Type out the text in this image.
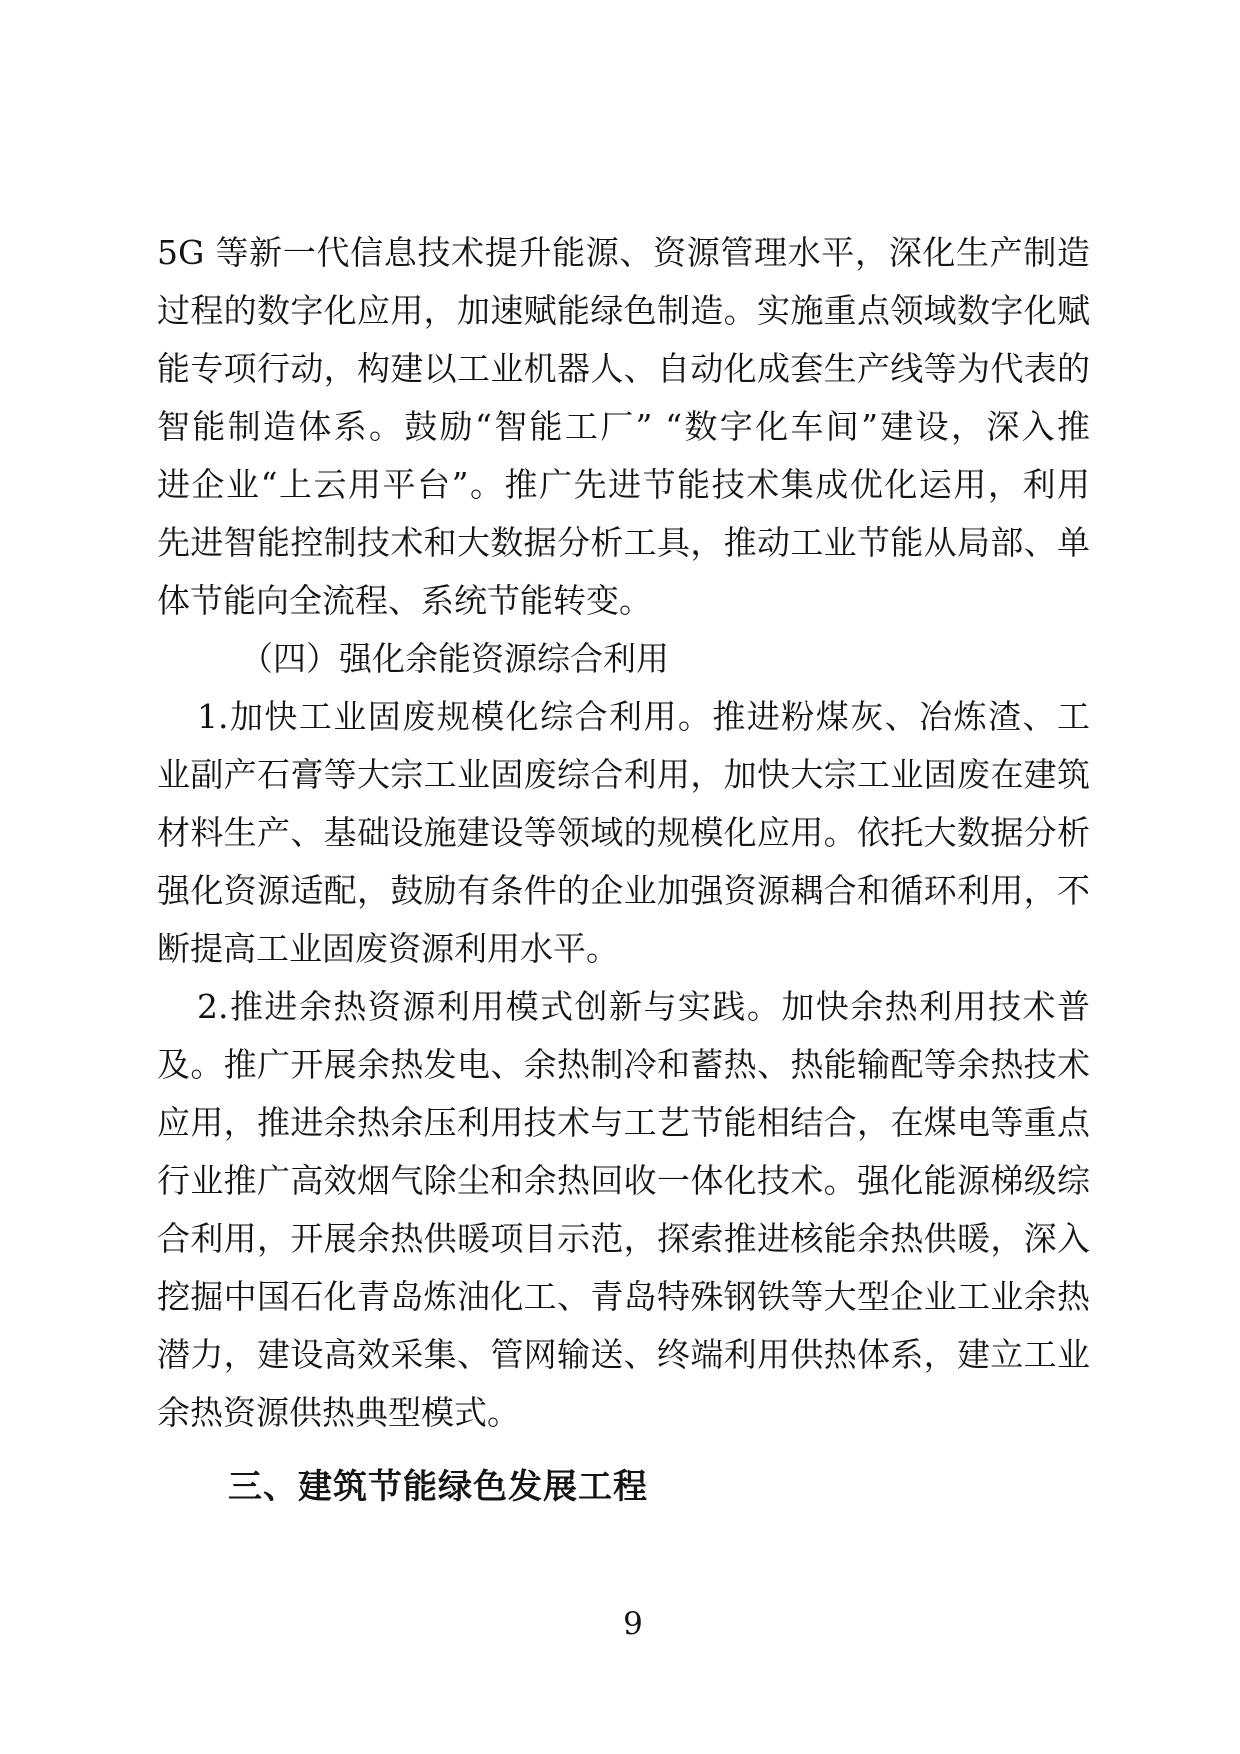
5G 等新一代信息技术提升能源、资源管理水平，深化生产制造
过程的数字化应用，加速赋能绿色制造。实施重点领域数字化赋
能专项行动，构建以工业机器人、自动化成套生产线等为代表的
智能制造体系。鼓励“智能工厂” “数字化车间”建设，深入推
进企业“上云用平台”。推广先进节能技术集成优化运用，利用
先进智能控制技术和大数据分析工具，推动工业节能从局部、单
体节能向全流程、系统节能转变。
（四）强化余能资源综合利用
1.加快工业固废规模化综合利用。推进粉煤灰、冶炼渣、工
业副产石膏等大宗工业固废综合利用，加快大宗工业固废在建筑
材料生产、基础设施建设等领域的规模化应用。依托大数据分析
强化资源适配，鼓励有条件的企业加强资源耦合和循环利用，不
断提高工业固废资源利用水平。
2.推进余热资源利用模式创新与实践。加快余热利用技术普
及。推广开展余热发电、余热制冷和蓄热、热能输配等余热技术
应用，推进余热余压利用技术与工艺节能相结合，在煤电等重点
行业推广高效烟气除尘和余热回收一体化技术。强化能源梯级综
合利用，开展余热供暖项目示范，探索推进核能余热供暖，深入
挖掘中国石化青岛炼油化工、青岛特殊钢铁等大型企业工业余热
潜力，建设高效采集、管网输送、终端利用供热体系，建立工业
余热资源供热典型模式。
三、建筑节能绿色发展工程
9
